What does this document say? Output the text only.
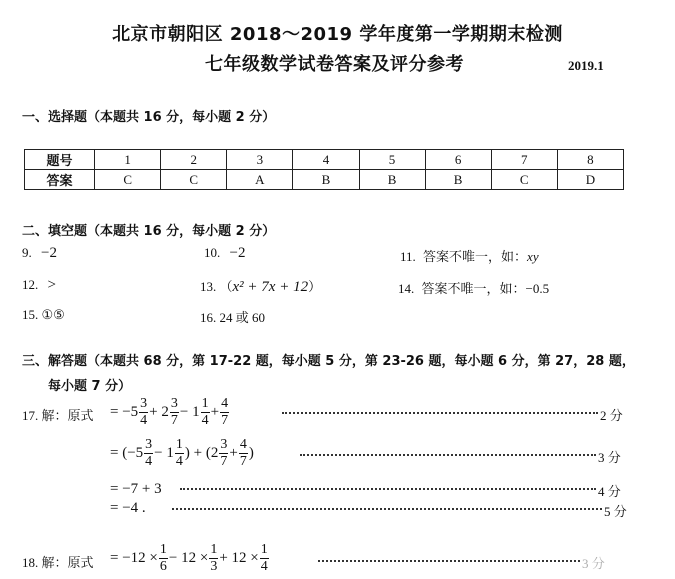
北京市朝阳区 2018～2019 学年度第一学期期末检测
七年级数学试卷答案及评分参考	2019.1
一、选择题（本题共 16 分，每小题 2 分）
题号	1	2	3	4	5	6	7	8
答案	C	C	A	B	B	B	C	D
二、填空题（本题共 16 分，每小题 2 分）
9. −2	10. −2	11. 答案不唯一，如：xy
12. >	13. （x² + 7x + 12）	14. 答案不唯一，如：−0.5
15. ①⑤	16. 24 或 60
三、解答题（本题共 68 分，第 17-22 题，每小题 5 分，第 23-26 题，每小题 6 分，第 27，28 题，
每小题 7 分）
17. 解：原式 = $-5 \frac{3}{4} + 2 \frac{3}{7} - 1 \frac{1}{4} + \frac{4}{7}$	2 分
= ($-5 \frac{3}{4} - 1 \frac{1}{4}$ ) + ($2 \frac{3}{7} + \frac{4}{7}$ )	3 分
= −7 + 3	4 分
= −4 .	5 分
18. 解：原式 = $-12 \times \frac{1}{6} - 12 \times \frac{1}{3} + 12 \times \frac{1}{4}$	3 分
